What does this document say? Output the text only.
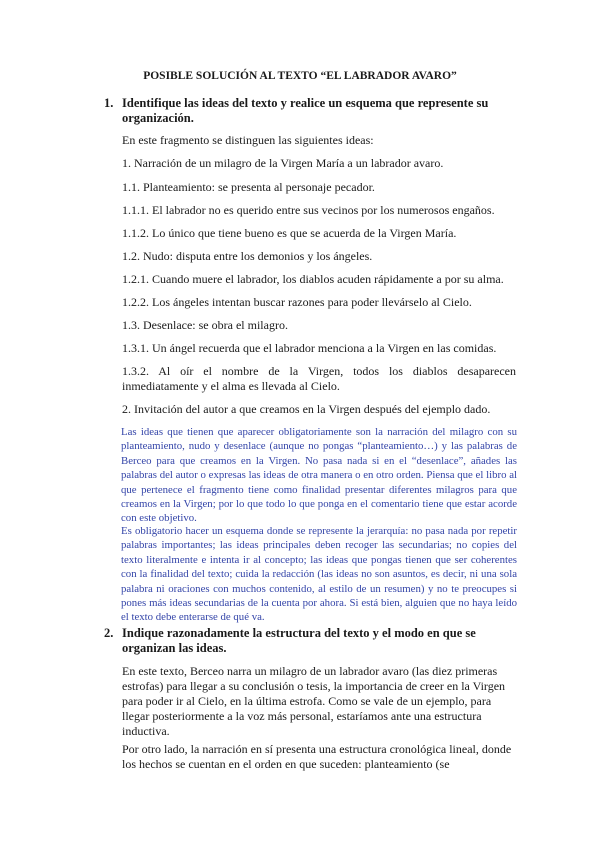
POSIBLE SOLUCIÓN AL TEXTO “EL LABRADOR AVARO”
1. Identifique las ideas del texto y realice un esquema que represente su organización.
En este fragmento se distinguen las siguientes ideas:
1. Narración de un milagro de la Virgen María a un labrador avaro.
1.1. Planteamiento: se presenta al personaje pecador.
1.1.1. El labrador no es querido entre sus vecinos por los numerosos engaños.
1.1.2. Lo único que tiene bueno es que se acuerda de la Virgen María.
1.2. Nudo: disputa entre los demonios y los ángeles.
1.2.1. Cuando muere el labrador, los diablos acuden rápidamente a por su alma.
1.2.2. Los ángeles intentan buscar razones para poder llevárselo al Cielo.
1.3. Desenlace: se obra el milagro.
1.3.1. Un ángel recuerda que el labrador menciona a la Virgen en las comidas.
1.3.2. Al oír el nombre de la Virgen, todos los diablos desaparecen inmediatamente y el alma es llevada al Cielo.
2. Invitación del autor a que creamos en la Virgen después del ejemplo dado.
Las ideas que tienen que aparecer obligatoriamente son la narración del milagro con su planteamiento, nudo y desenlace (aunque no pongas “planteamiento…) y las palabras de Berceo para que creamos en la Virgen. No pasa nada si en el “desenlace”, añades las palabras del autor o expresas las ideas de otra manera o en otro orden. Piensa que el libro al que pertenece el fragmento tiene como finalidad presentar diferentes milagros para que creamos en la Virgen; por lo que todo lo que ponga en el comentario tiene que estar acorde con este objetivo.
Es obligatorio hacer un esquema donde se represente la jerarquía: no pasa nada por repetir palabras importantes; las ideas principales deben recoger las secundarias; no copies del texto literalmente e intenta ir al concepto; las ideas que pongas tienen que ser coherentes con la finalidad del texto; cuida la redacción (las ideas no son asuntos, es decir, ni una sola palabra ni oraciones con muchos contenido, al estilo de un resumen) y no te preocupes si pones más ideas secundarias de la cuenta por ahora. Si está bien, alguien que no haya leído el texto debe enterarse de qué va.
2. Indique razonadamente la estructura del texto y el modo en que se organizan las ideas.
En este texto, Berceo narra un milagro de un labrador avaro (las diez primeras estrofas) para llegar a su conclusión o tesis, la importancia de creer en la Virgen para poder ir al Cielo, en la última estrofa. Como se vale de un ejemplo, para llegar posteriormente a la voz más personal, estaríamos ante una estructura inductiva.
Por otro lado, la narración en sí presenta una estructura cronológica lineal, donde los hechos se cuentan en el orden en que suceden: planteamiento (se
